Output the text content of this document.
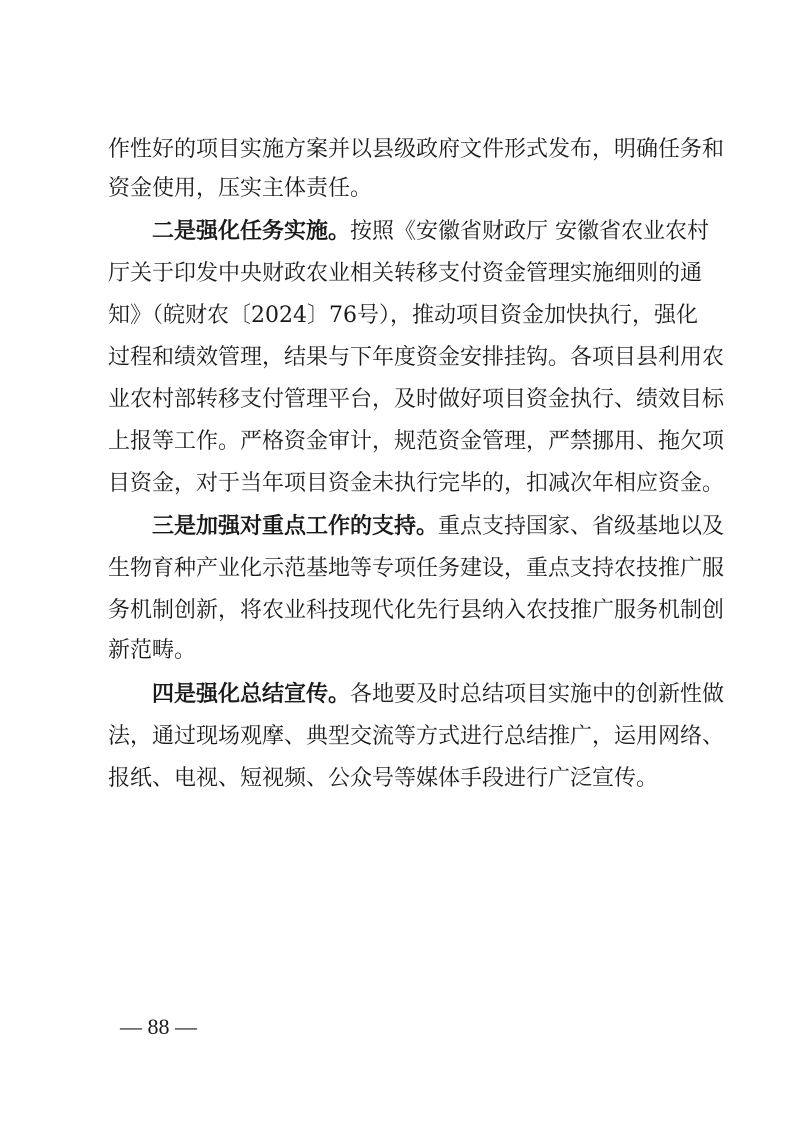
作性好的项目实施方案并以县级政府文件形式发布，明确任务和
资金使用，压实主体责任。
二是强化任务实施。按照《安徽省财政厅 安徽省农业农村
厅关于印发中央财政农业相关转移支付资金管理实施细则的通
知》（皖财农〔2024〕76号），推动项目资金加快执行，强化
过程和绩效管理，结果与下年度资金安排挂钩。各项目县利用农
业农村部转移支付管理平台，及时做好项目资金执行、绩效目标
上报等工作。严格资金审计，规范资金管理，严禁挪用、拖欠项
目资金，对于当年项目资金未执行完毕的，扣减次年相应资金。
三是加强对重点工作的支持。重点支持国家、省级基地以及
生物育种产业化示范基地等专项任务建设，重点支持农技推广服
务机制创新，将农业科技现代化先行县纳入农技推广服务机制创
新范畴。
四是强化总结宣传。各地要及时总结项目实施中的创新性做
法，通过现场观摩、典型交流等方式进行总结推广，运用网络、
报纸、电视、短视频、公众号等媒体手段进行广泛宣传。
— 88 —
